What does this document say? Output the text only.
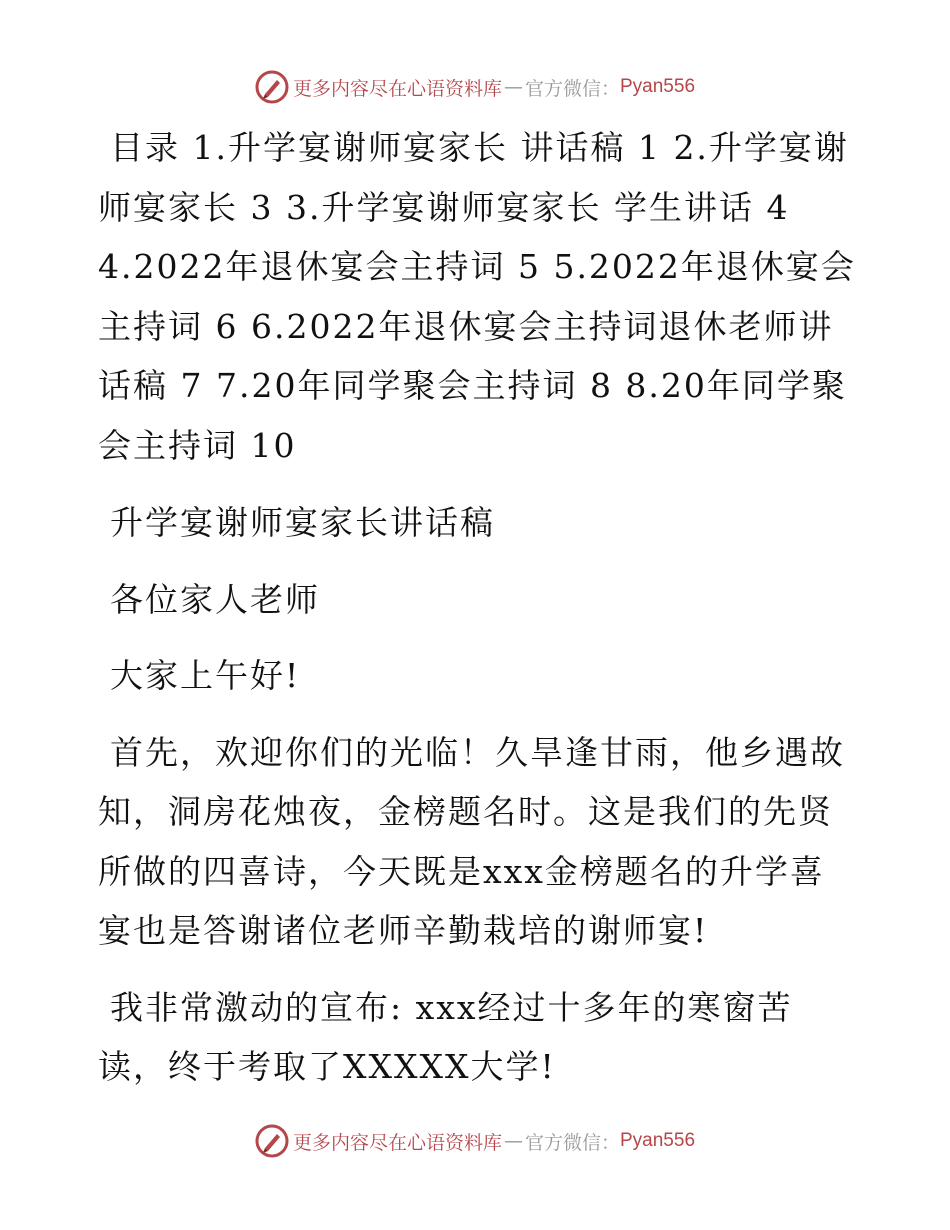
更多内容尽在心语资料库 — 官方微信： Pyan556

目录 1.升学宴谢师宴家长 讲话稿 1 2.升学宴谢师宴家长 3 3.升学宴谢师宴家长 学生讲话 4 4.2022年退休宴会主持词 5 5.2022年退休宴会主持词 6 6.2022年退休宴会主持词退休老师讲话稿 7 7.20年同学聚会主持词 8 8.20年同学聚会主持词 10

升学宴谢师宴家长讲话稿

各位家人老师

大家上午好!

首先，欢迎你们的光临！久旱逢甘雨，他乡遇故知，洞房花烛夜，金榜题名时。这是我们的先贤所做的四喜诗，今天既是xxx金榜题名的升学喜宴也是答谢诸位老师辛勤栽培的谢师宴!

我非常激动的宣布: xxx经过十多年的寒窗苦读，终于考取了XXXXX大学!

更多内容尽在心语资料库 — 官方微信： Pyan556
